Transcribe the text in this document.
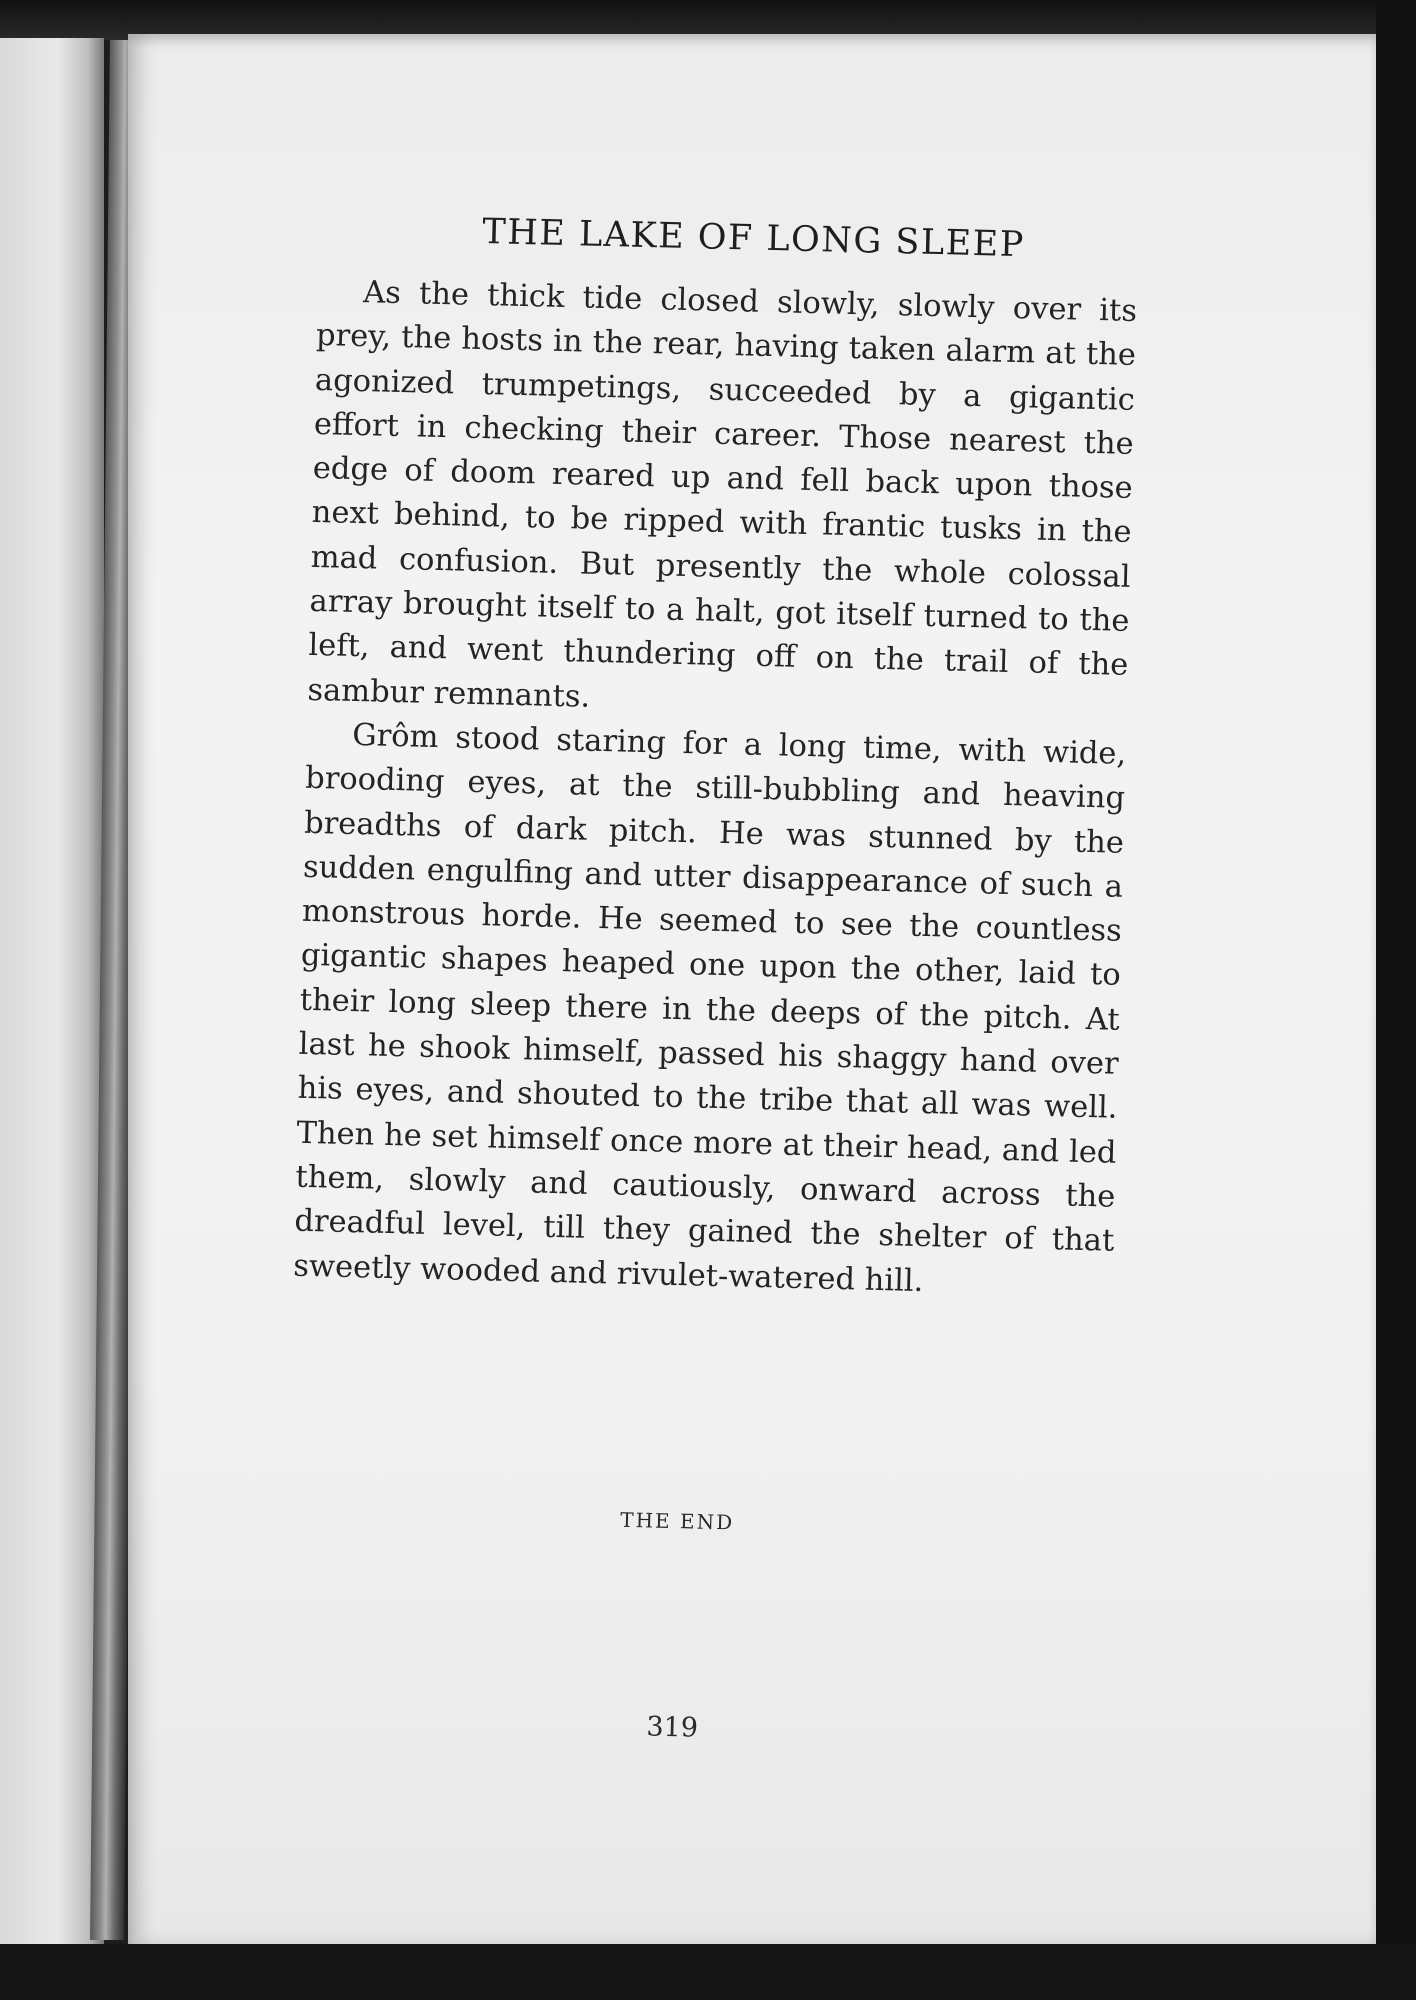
THE LAKE OF LONG SLEEP

As the thick tide closed slowly, slowly over its prey, the hosts in the rear, having taken alarm at the agonized trumpetings, succeeded by a gigantic effort in checking their career. Those nearest the edge of doom reared up and fell back upon those next behind, to be ripped with frantic tusks in the mad confusion. But presently the whole colossal array brought itself to a halt, got itself turned to the left, and went thundering off on the trail of the sambur remnants.

Grôm stood staring for a long time, with wide, brooding eyes, at the still-bubbling and heaving breadths of dark pitch. He was stunned by the sudden engulfing and utter disappearance of such a monstrous horde. He seemed to see the countless gigantic shapes heaped one upon the other, laid to their long sleep there in the deeps of the pitch. At last he shook himself, passed his shaggy hand over his eyes, and shouted to the tribe that all was well. Then he set himself once more at their head, and led them, slowly and cautiously, onward across the dreadful level, till they gained the shelter of that sweetly wooded and rivulet-watered hill.

THE END
319
